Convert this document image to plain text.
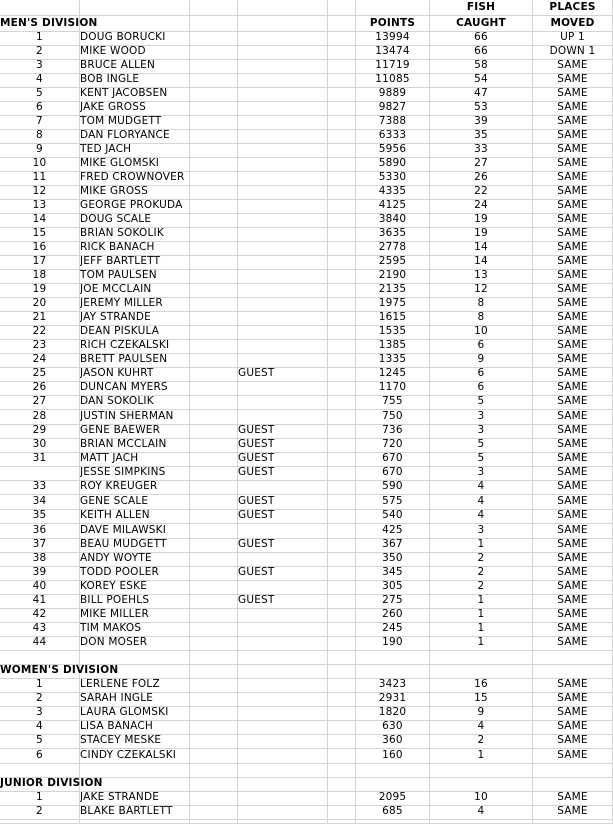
FISH	PLACES
MEN'S DIVISION	POINTS	CAUGHT	MOVED
1	DOUG BORUCKI	13994	66	UP 1
2	MIKE WOOD	13474	66	DOWN 1
3	BRUCE ALLEN	11719	58	SAME
4	BOB INGLE	11085	54	SAME
5	KENT JACOBSEN	9889	47	SAME
6	JAKE GROSS	9827	53	SAME
7	TOM MUDGETT	7388	39	SAME
8	DAN FLORYANCE	6333	35	SAME
9	TED JACH	5956	33	SAME
10	MIKE GLOMSKI	5890	27	SAME
11	FRED CROWNOVER	5330	26	SAME
12	MIKE GROSS	4335	22	SAME
13	GEORGE PROKUDA	4125	24	SAME
14	DOUG SCALE	3840	19	SAME
15	BRIAN SOKOLIK	3635	19	SAME
16	RICK BANACH	2778	14	SAME
17	JEFF BARTLETT	2595	14	SAME
18	TOM PAULSEN	2190	13	SAME
19	JOE MCCLAIN	2135	12	SAME
20	JEREMY MILLER	1975	8	SAME
21	JAY STRANDE	1615	8	SAME
22	DEAN PISKULA	1535	10	SAME
23	RICH CZEKALSKI	1385	6	SAME
24	BRETT PAULSEN	1335	9	SAME
25	JASON KUHRT	GUEST	1245	6	SAME
26	DUNCAN MYERS	1170	6	SAME
27	DAN SOKOLIK	755	5	SAME
28	JUSTIN SHERMAN	750	3	SAME
29	GENE BAEWER	GUEST	736	3	SAME
30	BRIAN MCCLAIN	GUEST	720	5	SAME
31	MATT JACH	GUEST	670	5	SAME
JESSE SIMPKINS	GUEST	670	3	SAME
33	ROY KREUGER	590	4	SAME
34	GENE SCALE	GUEST	575	4	SAME
35	KEITH ALLEN	GUEST	540	4	SAME
36	DAVE MILAWSKI	425	3	SAME
37	BEAU MUDGETT	GUEST	367	1	SAME
38	ANDY WOYTE	350	2	SAME
39	TODD POOLER	GUEST	345	2	SAME
40	KOREY ESKE	305	2	SAME
41	BILL POEHLS	GUEST	275	1	SAME
42	MIKE MILLER	260	1	SAME
43	TIM MAKOS	245	1	SAME
44	DON MOSER	190	1	SAME
WOMEN'S DIVISION
1	LERLENE FOLZ	3423	16	SAME
2	SARAH INGLE	2931	15	SAME
3	LAURA GLOMSKI	1820	9	SAME
4	LISA BANACH	630	4	SAME
5	STACEY MESKE	360	2	SAME
6	CINDY CZEKALSKI	160	1	SAME
JUNIOR DIVISION
1	JAKE STRANDE	2095	10	SAME
2	BLAKE BARTLETT	685	4	SAME
